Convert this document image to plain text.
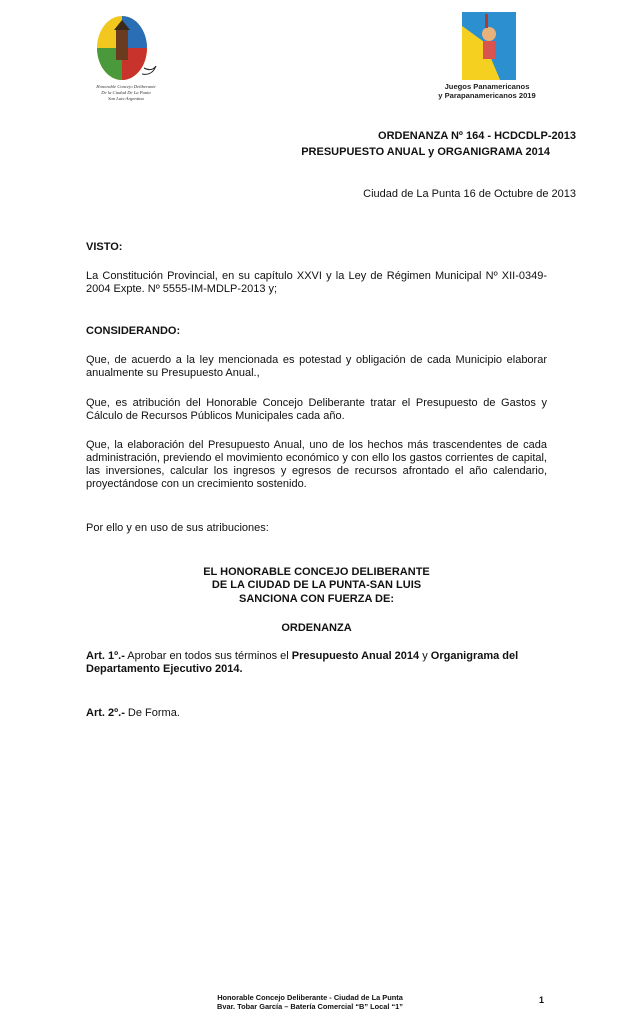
Honorable Concejo Deliberante
De la Ciudad De La Punta
San Luis-Argentina
Juegos Panamericanos
y Parapanamericanos 2019
ORDENANZA Nº 164 - HCDCDLP-2013
PRESUPUESTO ANUAL y ORGANIGRAMA 2014
Ciudad de La Punta 16 de Octubre de 2013
VISTO:
La Constitución Provincial, en su capítulo XXVI y la Ley de Régimen Municipal Nº XII-0349-2004 Expte. Nº 5555-IM-MDLP-2013 y;
CONSIDERANDO:
Que, de acuerdo a la ley mencionada es potestad y obligación de cada Municipio elaborar anualmente su Presupuesto Anual.,
Que, es atribución del Honorable Concejo Deliberante tratar el Presupuesto de Gastos y Cálculo de Recursos Públicos Municipales cada año.
Que, la elaboración del Presupuesto Anual, uno de los hechos más trascendentes de cada administración, previendo el movimiento económico y con ello los gastos corrientes de capital, las inversiones, calcular los ingresos y egresos de recursos afrontado el año calendario, proyectándose con un crecimiento sostenido.
Por ello y en uso de sus atribuciones:
EL HONORABLE CONCEJO DELIBERANTE
DE LA CIUDAD DE LA PUNTA-SAN LUIS
SANCIONA CON FUERZA DE:
ORDENANZA
Art. 1º.- Aprobar en todos sus términos el Presupuesto Anual 2014 y Organigrama del Departamento Ejecutivo 2014.
Art. 2º.- De Forma.
Honorable Concejo Deliberante - Ciudad de La Punta
Bvar. Tobar García – Batería Comercial “B” Local “1”
1
